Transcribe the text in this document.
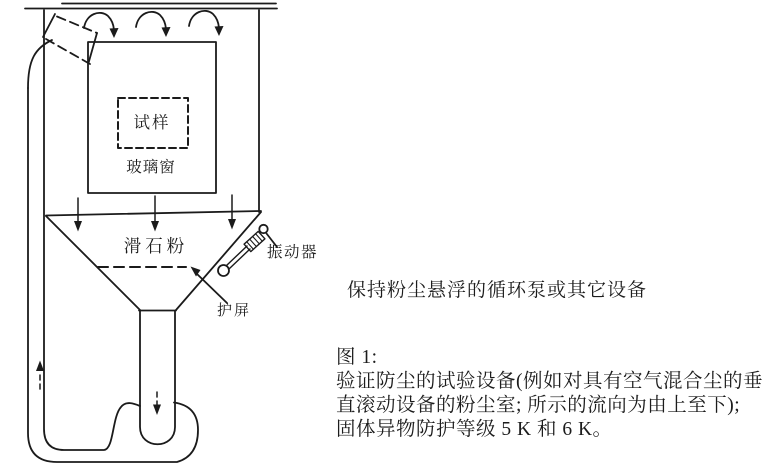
试样
玻璃窗
滑石粉	振动器
护屏
保持粉尘悬浮的循环泵或其它设备
图 1:
验证防尘的试验设备(例如对具有空气混合尘的垂
直滚动设备的粉尘室; 所示的流向为由上至下);
固体异物防护等级 5 K 和 6 K。
